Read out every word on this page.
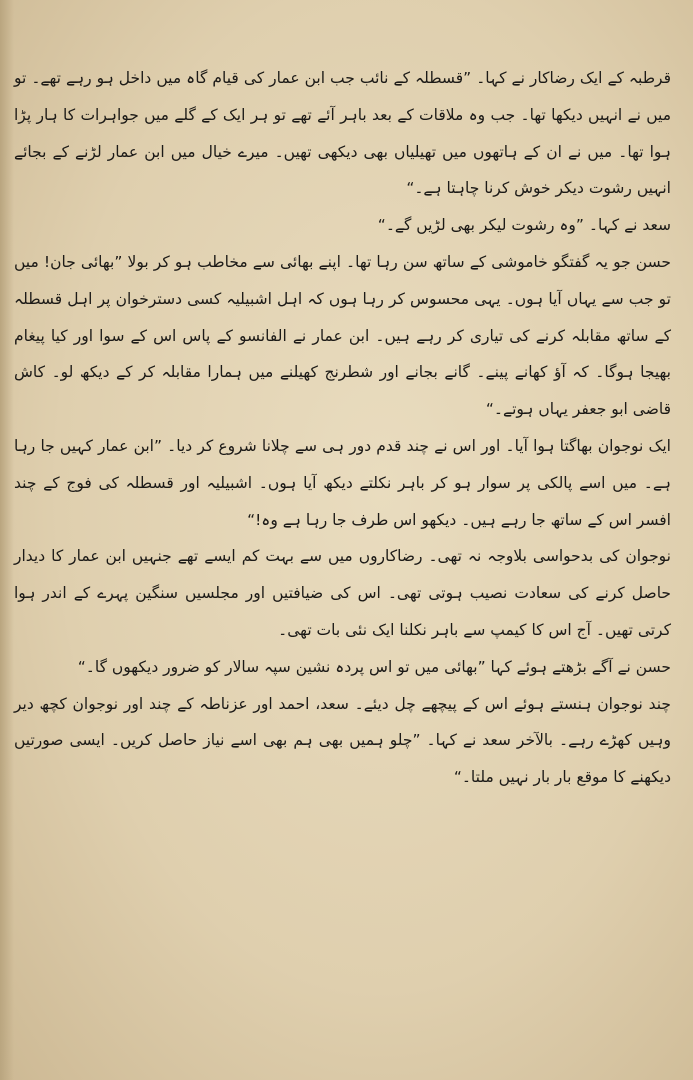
قرطبہ کے ایک رضاکار نے کہا۔ ”قسطلہ کے نائب جب ابن عمار کی قیام گاہ میں داخل ہو رہے تھے۔ تو میں نے انہیں دیکھا تھا۔ جب وہ ملاقات کے بعد باہر آئے تھے تو ہر ایک کے گلے میں جواہرات کا ہار پڑا ہوا تھا۔ میں نے ان کے ہاتھوں میں تھیلیاں بھی دیکھی تھیں۔ میرے خیال میں ابن عمار لڑنے کے بجائے انہیں رشوت دیکر خوش کرنا چاہتا ہے۔“

سعد نے کہا۔ ”وہ رشوت لیکر بھی لڑیں گے۔“

حسن جو یہ گفتگو خاموشی کے ساتھ سن رہا تھا۔ اپنے بھائی سے مخاطب ہو کر بولا ”بھائی جان! میں تو جب سے یہاں آیا ہوں۔ یہی محسوس کر رہا ہوں کہ اہل اشبیلیہ کسی دسترخوان پر اہل قسطلہ کے ساتھ مقابلہ کرنے کی تیاری کر رہے ہیں۔ ابن عمار نے الفانسو کے پاس اس کے سوا اور کیا پیغام بھیجا ہوگا۔ کہ آؤ کھانے پینے۔ گانے بجانے اور شطرنج کھیلنے میں ہمارا مقابلہ کر کے دیکھ لو۔ کاش قاضی ابو جعفر یہاں ہوتے۔“

ایک نوجوان بھاگتا ہوا آیا۔ اور اس نے چند قدم دور ہی سے چلانا شروع کر دیا۔ ”ابن عمار کہیں جا رہا ہے۔ میں اسے پالکی پر سوار ہو کر باہر نکلتے دیکھ آیا ہوں۔ اشبیلیہ اور قسطلہ کی فوج کے چند افسر اس کے ساتھ جا رہے ہیں۔ دیکھو اس طرف جا رہا ہے وہ!“

نوجوان کی بدحواسی بلاوجہ نہ تھی۔ رضاکاروں میں سے بہت کم ایسے تھے جنہیں ابن عمار کا دیدار حاصل کرنے کی سعادت نصیب ہوتی تھی۔ اس کی ضیافتیں اور مجلسیں سنگین پہرے کے اندر ہوا کرتی تھیں۔ آج اس کا کیمپ سے باہر نکلنا ایک نئی بات تھی۔

حسن نے آگے بڑھتے ہوئے کہا ”بھائی میں تو اس پردہ نشین سپہ سالار کو ضرور دیکھوں گا۔“

چند نوجوان ہنستے ہوئے اس کے پیچھے چل دیئے۔ سعد، احمد اور عزناطہ کے چند اور نوجوان کچھ دیر وہیں کھڑے رہے۔ بالآخر سعد نے کہا۔ ”چلو ہمیں بھی ہم بھی اسے نیاز حاصل کریں۔ ایسی صورتیں دیکھنے کا موقع بار بار نہیں ملتا۔“
